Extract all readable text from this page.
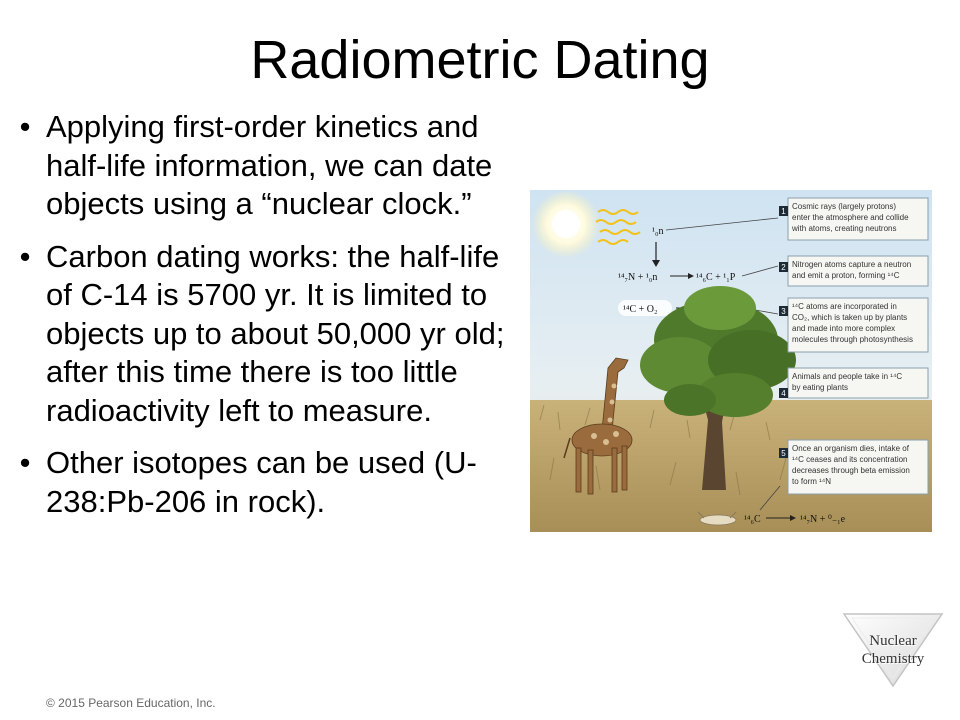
Radiometric Dating
• Applying first-order kinetics and half-life information, we can date objects using a “nuclear clock.”
• Carbon dating works: the half-life of C-14 is 5700 yr. It is limited to objects up to about 50,000 yr old; after this time there is too little radioactivity left to measure.
• Other isotopes can be used (U-238:Pb-206 in rock).
¹₀n
¹⁴₇N + ¹₀n	¹⁴₆C + ¹₁P
¹⁴C + O₂
¹⁴₆C	¹⁴₇N + ⁰₋₁e
1
Cosmic rays (largely protons)
enter the atmosphere and collide
with atoms, creating neutrons
2 Nitrogen atoms capture a neutron
and emit a proton, forming ¹⁴C
3
¹⁴C atoms are incorporated in
CO₂, which is taken up by plants
and made into more complex
molecules through photosynthesis
4
Animals and people take in ¹⁴C
by eating plants
5
Once an organism dies, intake of
¹⁴C ceases and its concentration
decreases through beta emission
to form ¹⁴N
Nuclear
Chemistry
© 2015 Pearson Education, Inc.
